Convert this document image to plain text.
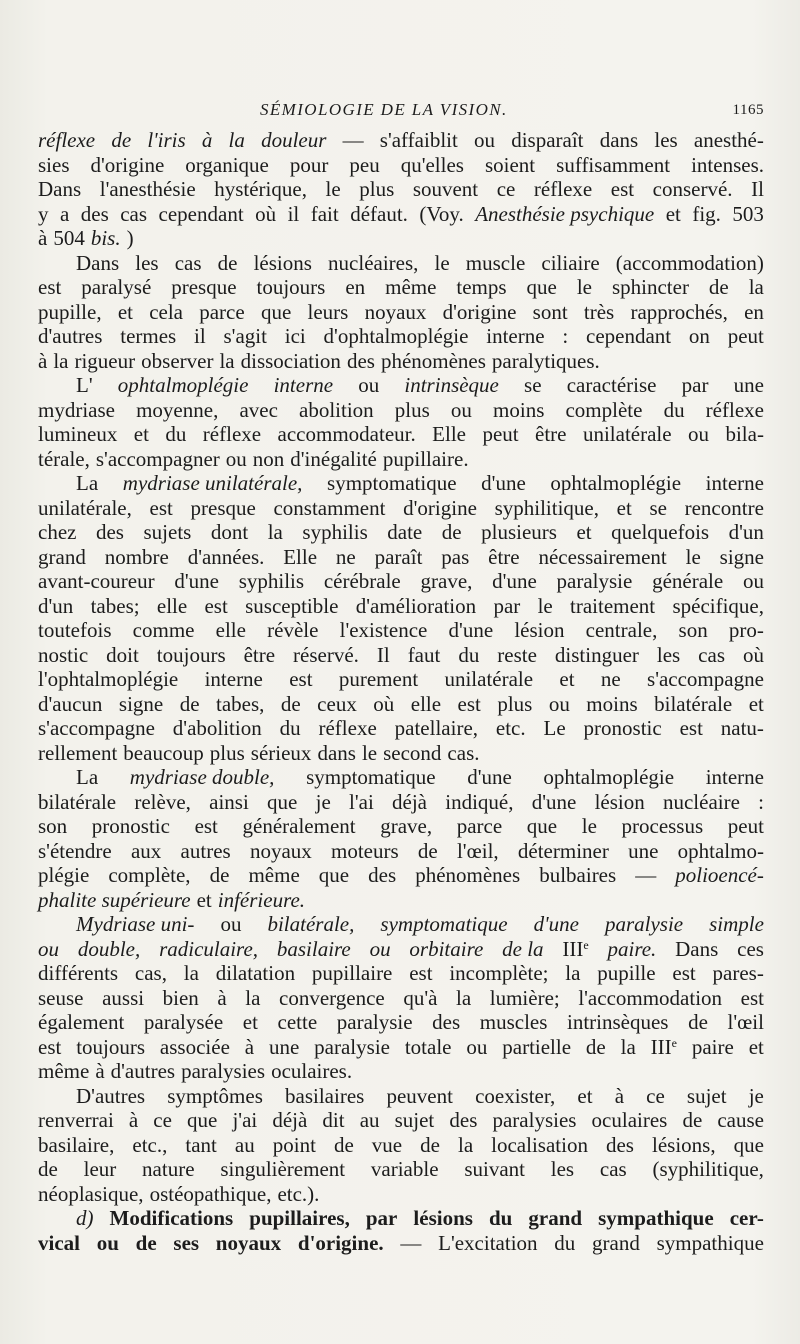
SÉMIOLOGIE DE LA VISION.	1165
réflexe de l'iris à la douleur — s'affaiblit ou disparaît dans les anesthé-
sies d'origine organique pour peu qu'elles soient suffisamment intenses.
Dans l'anesthésie hystérique, le plus souvent ce réflexe est conservé. Il
y a des cas cependant où il fait défaut. (Voy. Anesthésie psychique et fig. 503
à 504 bis. )
Dans les cas de lésions nucléaires, le muscle ciliaire (accommodation)
est paralysé presque toujours en même temps que le sphincter de la
pupille, et cela parce que leurs noyaux d'origine sont très rapprochés, en
d'autres termes il s'agit ici d'ophtalmoplégie interne : cependant on peut
à la rigueur observer la dissociation des phénomènes paralytiques.
L' ophtalmoplégie interne ou intrinsèque se caractérise par une
mydriase moyenne, avec abolition plus ou moins complète du réflexe
lumineux et du réflexe accommodateur. Elle peut être unilatérale ou bila-
térale, s'accompagner ou non d'inégalité pupillaire.
La mydriase unilatérale, symptomatique d'une ophtalmoplégie interne
unilatérale, est presque constamment d'origine syphilitique, et se rencontre
chez des sujets dont la syphilis date de plusieurs et quelquefois d'un
grand nombre d'années. Elle ne paraît pas être nécessairement le signe
avant-coureur d'une syphilis cérébrale grave, d'une paralysie générale ou
d'un tabes; elle est susceptible d'amélioration par le traitement spécifique,
toutefois comme elle révèle l'existence d'une lésion centrale, son pro-
nostic doit toujours être réservé. Il faut du reste distinguer les cas où
l'ophtalmoplégie interne est purement unilatérale et ne s'accompagne
d'aucun signe de tabes, de ceux où elle est plus ou moins bilatérale et
s'accompagne d'abolition du réflexe patellaire, etc. Le pronostic est natu-
rellement beaucoup plus sérieux dans le second cas.
La mydriase double, symptomatique d'une ophtalmoplégie interne
bilatérale relève, ainsi que je l'ai déjà indiqué, d'une lésion nucléaire :
son pronostic est généralement grave, parce que le processus peut
s'étendre aux autres noyaux moteurs de l'œil, déterminer une ophtalmo-
plégie complète, de même que des phénomènes bulbaires — polioencé-
phalite supérieure et inférieure.
Mydriase uni- ou bilatérale, symptomatique d'une paralysie simple
ou double, radiculaire, basilaire ou orbitaire de la IIIe paire. Dans ces
différents cas, la dilatation pupillaire est incomplète; la pupille est pares-
seuse aussi bien à la convergence qu'à la lumière; l'accommodation est
également paralysée et cette paralysie des muscles intrinsèques de l'œil
est toujours associée à une paralysie totale ou partielle de la IIIe paire et
même à d'autres paralysies oculaires.
D'autres symptômes basilaires peuvent coexister, et à ce sujet je
renverrai à ce que j'ai déjà dit au sujet des paralysies oculaires de cause
basilaire, etc., tant au point de vue de la localisation des lésions, que
de leur nature singulièrement variable suivant les cas (syphilitique,
néoplasique, ostéopathique, etc.).
d) Modifications pupillaires, par lésions du grand sympathique cer-
vical ou de ses noyaux d'origine. — L'excitation du grand sympathique
